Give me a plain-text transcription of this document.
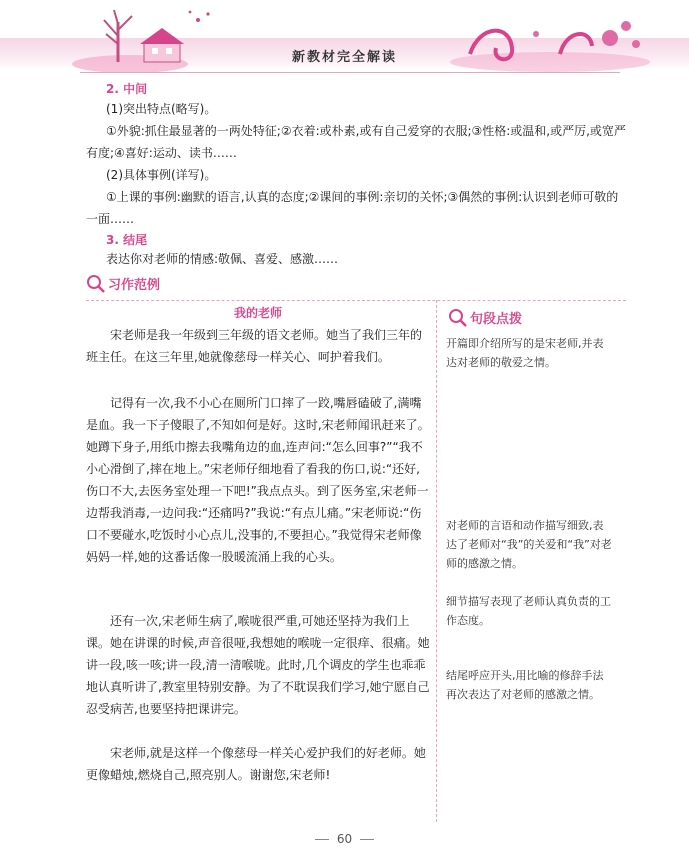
新教材完全解读
2. 中间
(1)突出特点(略写)。
①外貌:抓住最显著的一两处特征;②衣着:或朴素,或有自己爱穿的衣服;③性格:或温和,或严厉,或宽严有度;④喜好:运动、读书……
(2)具体事例(详写)。
①上课的事例:幽默的语言,认真的态度;②课间的事例:亲切的关怀;③偶然的事例:认识到老师可敬的一面……
3. 结尾
表达你对老师的情感:敬佩、喜爱、感激……
习作范例
我的老师
宋老师是我一年级到三年级的语文老师。她当了我们三年的班主任。在这三年里,她就像慈母一样关心、呵护着我们。
记得有一次,我不小心在厕所门口摔了一跤,嘴唇磕破了,满嘴是血。我一下子傻眼了,不知如何是好。这时,宋老师闻讯赶来了。她蹲下身子,用纸巾擦去我嘴角边的血,连声问:“怎么回事?”“我不小心滑倒了,摔在地上。”宋老师仔细地看了看我的伤口,说:“还好,伤口不大,去医务室处理一下吧!”我点点头。到了医务室,宋老师一边帮我消毒,一边问我:“还痛吗?”我说:“有点儿痛。”宋老师说:“伤口不要碰水,吃饭时小心点儿,没事的,不要担心。”我觉得宋老师像妈妈一样,她的这番话像一股暖流涌上我的心头。
还有一次,宋老师生病了,喉咙很严重,可她还坚持为我们上课。她在讲课的时候,声音很哑,我想她的喉咙一定很痒、很痛。她讲一段,咳一咳;讲一段,清一清喉咙。此时,几个调皮的学生也乖乖地认真听讲了,教室里特别安静。为了不耽误我们学习,她宁愿自己忍受病苦,也要坚持把课讲完。
宋老师,就是这样一个像慈母一样关心爱护我们的好老师。她更像蜡烛,燃烧自己,照亮别人。谢谢您,宋老师!
句段点拨
开篇即介绍所写的是宋老师,并表达对老师的敬爱之情。
对老师的言语和动作描写细致,表达了老师对“我”的关爱和“我”对老师的感激之情。
细节描写表现了老师认真负责的工作态度。
结尾呼应开头,用比喻的修辞手法再次表达了对老师的感激之情。
60
